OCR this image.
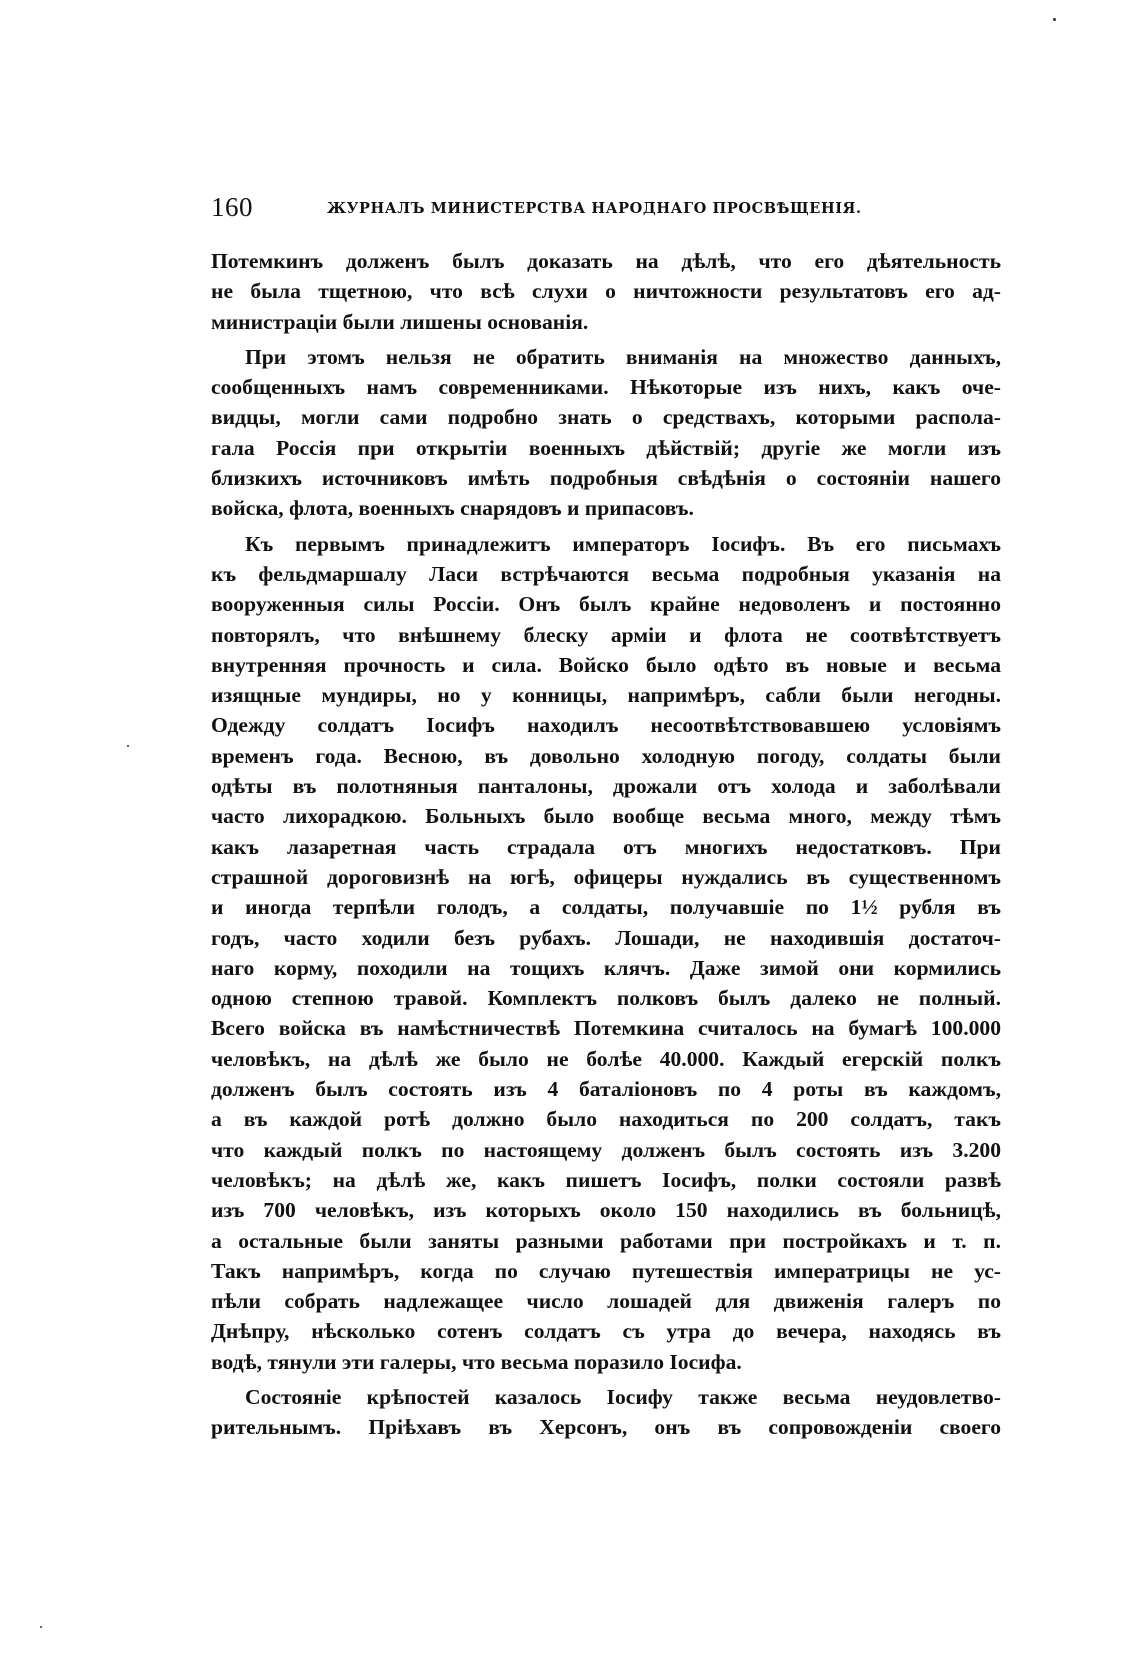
160	ЖУРНАЛЪ МИНИСТЕРСТВА НАРОДНАГО ПРОСВѢЩЕНІЯ.
Потемкинъ долженъ былъ доказать на дѣлѣ, что его дѣятельность
не была тщетною, что всѣ слухи о ничтожности результатовъ его ад-
министраціи были лишены основанія.
При этомъ нельзя не обратить вниманія на множество данныхъ,
сообщенныхъ намъ современниками. Нѣкоторые изъ нихъ, какъ оче-
видцы, могли сами подробно знать о средствахъ, которыми распола-
гала Россія при открытіи военныхъ дѣйствій; другіе же могли изъ
близкихъ источниковъ имѣть подробныя свѣдѣнія о состояніи нашего
войска, флота, военныхъ снарядовъ и припасовъ.
Къ первымъ принадлежитъ императоръ Іосифъ. Въ его письмахъ
къ фельдмаршалу Ласи встрѣчаются весьма подробныя указанія на
вооруженныя силы Россіи. Онъ былъ крайне недоволенъ и постоянно
повторялъ, что внѣшнему блеску арміи и флота не соотвѣтствуетъ
внутренняя прочность и сила. Войско было одѣто въ новые и весьма
изящные мундиры, но у конницы, напримѣръ, сабли были негодны.
Одежду солдатъ Іосифъ находилъ несоотвѣтствовавшею условіямъ
временъ года. Весною, въ довольно холодную погоду, солдаты были
одѣты въ полотняныя панталоны, дрожали отъ холода и заболѣвали
часто лихорадкою. Больныхъ было вообще весьма много, между тѣмъ
какъ лазаретная часть страдала отъ многихъ недостатковъ. При
страшной дороговизнѣ на югѣ, офицеры нуждались въ существенномъ
и иногда терпѣли голодъ, а солдаты, получавшіе по 1½ рубля въ
годъ, часто ходили безъ рубахъ. Лошади, не находившія достаточ-
наго корму, походили на тощихъ клячъ. Даже зимой они кормились
одною степною травой. Комплектъ полковъ былъ далеко не полный.
Всего войска въ намѣстничествѣ Потемкина считалось на бумагѣ 100.000
человѣкъ, на дѣлѣ же было не болѣе 40.000. Каждый егерскій полкъ
долженъ былъ состоять изъ 4 баталіоновъ по 4 роты въ каждомъ,
а въ каждой ротѣ должно было находиться по 200 солдатъ, такъ
что каждый полкъ по настоящему долженъ былъ состоять изъ 3.200
человѣкъ; на дѣлѣ же, какъ пишетъ Іосифъ, полки состояли развѣ
изъ 700 человѣкъ, изъ которыхъ около 150 находились въ больницѣ,
а остальные были заняты разными работами при постройкахъ и т. п.
Такъ напримѣръ, когда по случаю путешествія императрицы не ус-
пѣли собрать надлежащее число лошадей для движенія галеръ по
Днѣпру, нѣсколько сотенъ солдатъ съ утра до вечера, находясь въ
водѣ, тянули эти галеры, что весьма поразило Іосифа.
Состояніе крѣпостей казалось Іосифу также весьма неудовлетво-
рительнымъ. Пріѣхавъ въ Херсонъ, онъ въ сопровожденіи своего
